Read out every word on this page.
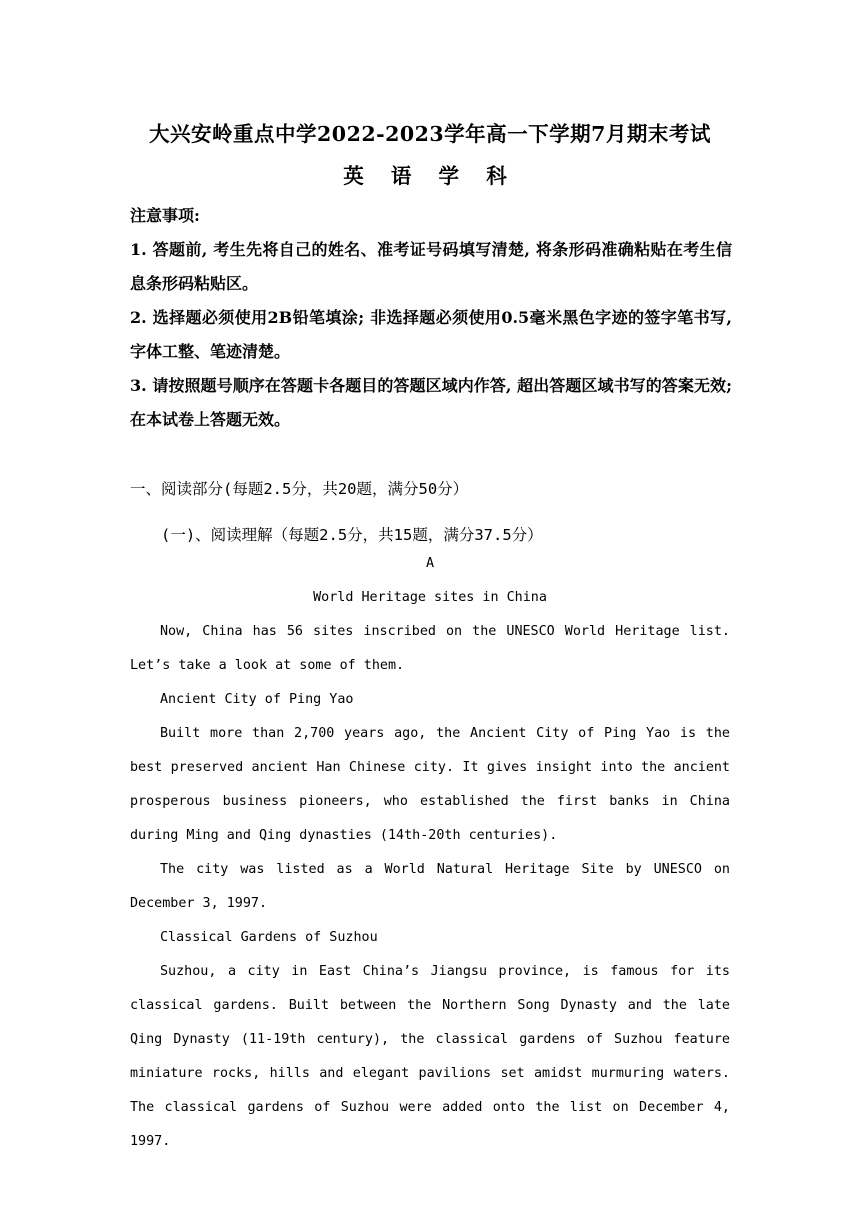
大兴安岭重点中学2022-2023学年高一下学期7月期末考试
英 语 学 科
注意事项:

1. 答题前, 考生先将自己的姓名、准考证号码填写清楚, 将条形码准确粘贴在考生信息条形码粘贴区。

2. 选择题必须使用2B铅笔填涂; 非选择题必须使用0.5毫米黑色字迹的签字笔书写, 字体工整、笔迹清楚。

3. 请按照题号顺序在答题卡各题目的答题区域内作答, 超出答题区域书写的答案无效; 在本试卷上答题无效。

一、阅读部分(每题2.5分，共20题，满分50分）
(一)、阅读理解（每题2.5分，共15题，满分37.5分）
A
World Heritage sites in China

Now, China has 56 sites inscribed on the UNESCO World Heritage list. Let’s take a look at some of them.

Ancient City of Ping Yao

Built more than 2,700 years ago, the Ancient City of Ping Yao is the best preserved ancient Han Chinese city. It gives insight into the ancient prosperous business pioneers, who established the first banks in China during Ming and Qing dynasties (14th-20th centuries).

The city was listed as a World Natural Heritage Site by UNESCO on December 3, 1997.

Classical Gardens of Suzhou

Suzhou, a city in East China’s Jiangsu province, is famous for its classical gardens. Built between the Northern Song Dynasty and the late Qing Dynasty (11-19th century), the classical gardens of Suzhou feature miniature rocks, hills and elegant pavilions set amidst murmuring waters. The classical gardens of Suzhou were added onto the list on December 4, 1997.
